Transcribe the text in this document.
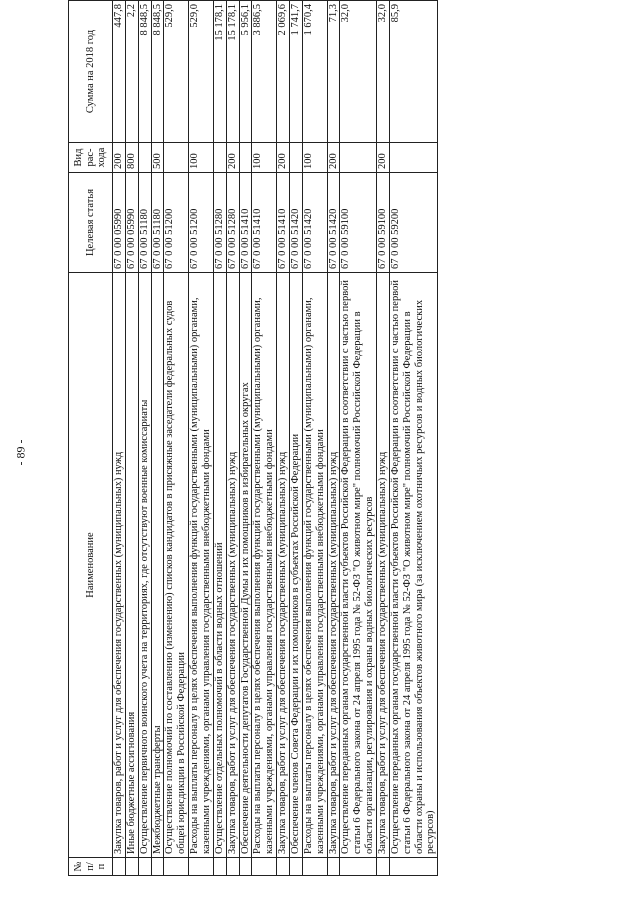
- 89 -
№ п/п	Наименование	Целевая статья	Вид рас-хода	Сумма на 2018 год
	Закупка товаров, работ и услуг для обеспечения государственных (муниципальных) нужд	67 0 00 05990	200	447,8
	Иные бюджетные ассигнования	67 0 00 05990	800	2,2
	Осуществление первичного воинского учета на территориях, где отсутствуют военные комиссариаты	67 0 00 51180		8 848,5
	Межбюджетные трансферты	67 0 00 51180	500	8 848,5
	Осуществление полномочий по составлению (изменению) списков кандидатов в присяжные заседатели федеральных судов общей юрисдикции в Российской Федерации	67 0 00 51200		529,0
	Расходы на выплаты персоналу в целях обеспечения выполнения функций государственными (муниципальными) органами, казенными учреждениями, органами управления государственными внебюджетными фондами	67 0 00 51200	100	529,0
	Осуществление отдельных полномочий в области водных отношений	67 0 00 51280		15 178,1
	Закупка товаров, работ и услуг для обеспечения государственных (муниципальных) нужд	67 0 00 51280	200	15 178,1
	Обеспечение деятельности депутатов Государственной Думы и их помощников в избирательных округах	67 0 00 51410		5 956,1
	Расходы на выплаты персоналу в целях обеспечения выполнения функций государственными (муниципальными) органами, казенными учреждениями, органами управления государственными внебюджетными фондами	67 0 00 51410	100	3 886,5
	Закупка товаров, работ и услуг для обеспечения государственных (муниципальных) нужд	67 0 00 51410	200	2 069,6
	Обеспечение членов Совета Федерации и их помощников в субъектах Российской Федерации	67 0 00 51420		1 741,7
	Расходы на выплаты персоналу в целях обеспечения выполнения функций государственными (муниципальными) органами, казенными учреждениями, органами управления государственными внебюджетными фондами	67 0 00 51420	100	1 670,4
	Закупка товаров, работ и услуг для обеспечения государственных (муниципальных) нужд	67 0 00 51420	200	71,3
	Осуществление переданных органам государственной власти субъектов Российской Федерации в соответствии с частью первой статьи 6 Федерального закона от 24 апреля 1995 года № 52-ФЗ "О животном мире" полномочий Российской Федерации в области организации, регулирования и охраны водных биологических ресурсов	67 0 00 59100		32,0
	Закупка товаров, работ и услуг для обеспечения государственных (муниципальных) нужд	67 0 00 59100	200	32,0
	Осуществление переданных органам государственной власти субъектов Российской Федерации в соответствии с частью первой статьи 6 Федерального закона от 24 апреля 1995 года № 52-ФЗ "О животном мире" полномочий Российской Федерации в области охраны и использования объектов животного мира (за исключением охотничьих ресурсов и водных биологических ресурсов)	67 0 00 59200		85,9
